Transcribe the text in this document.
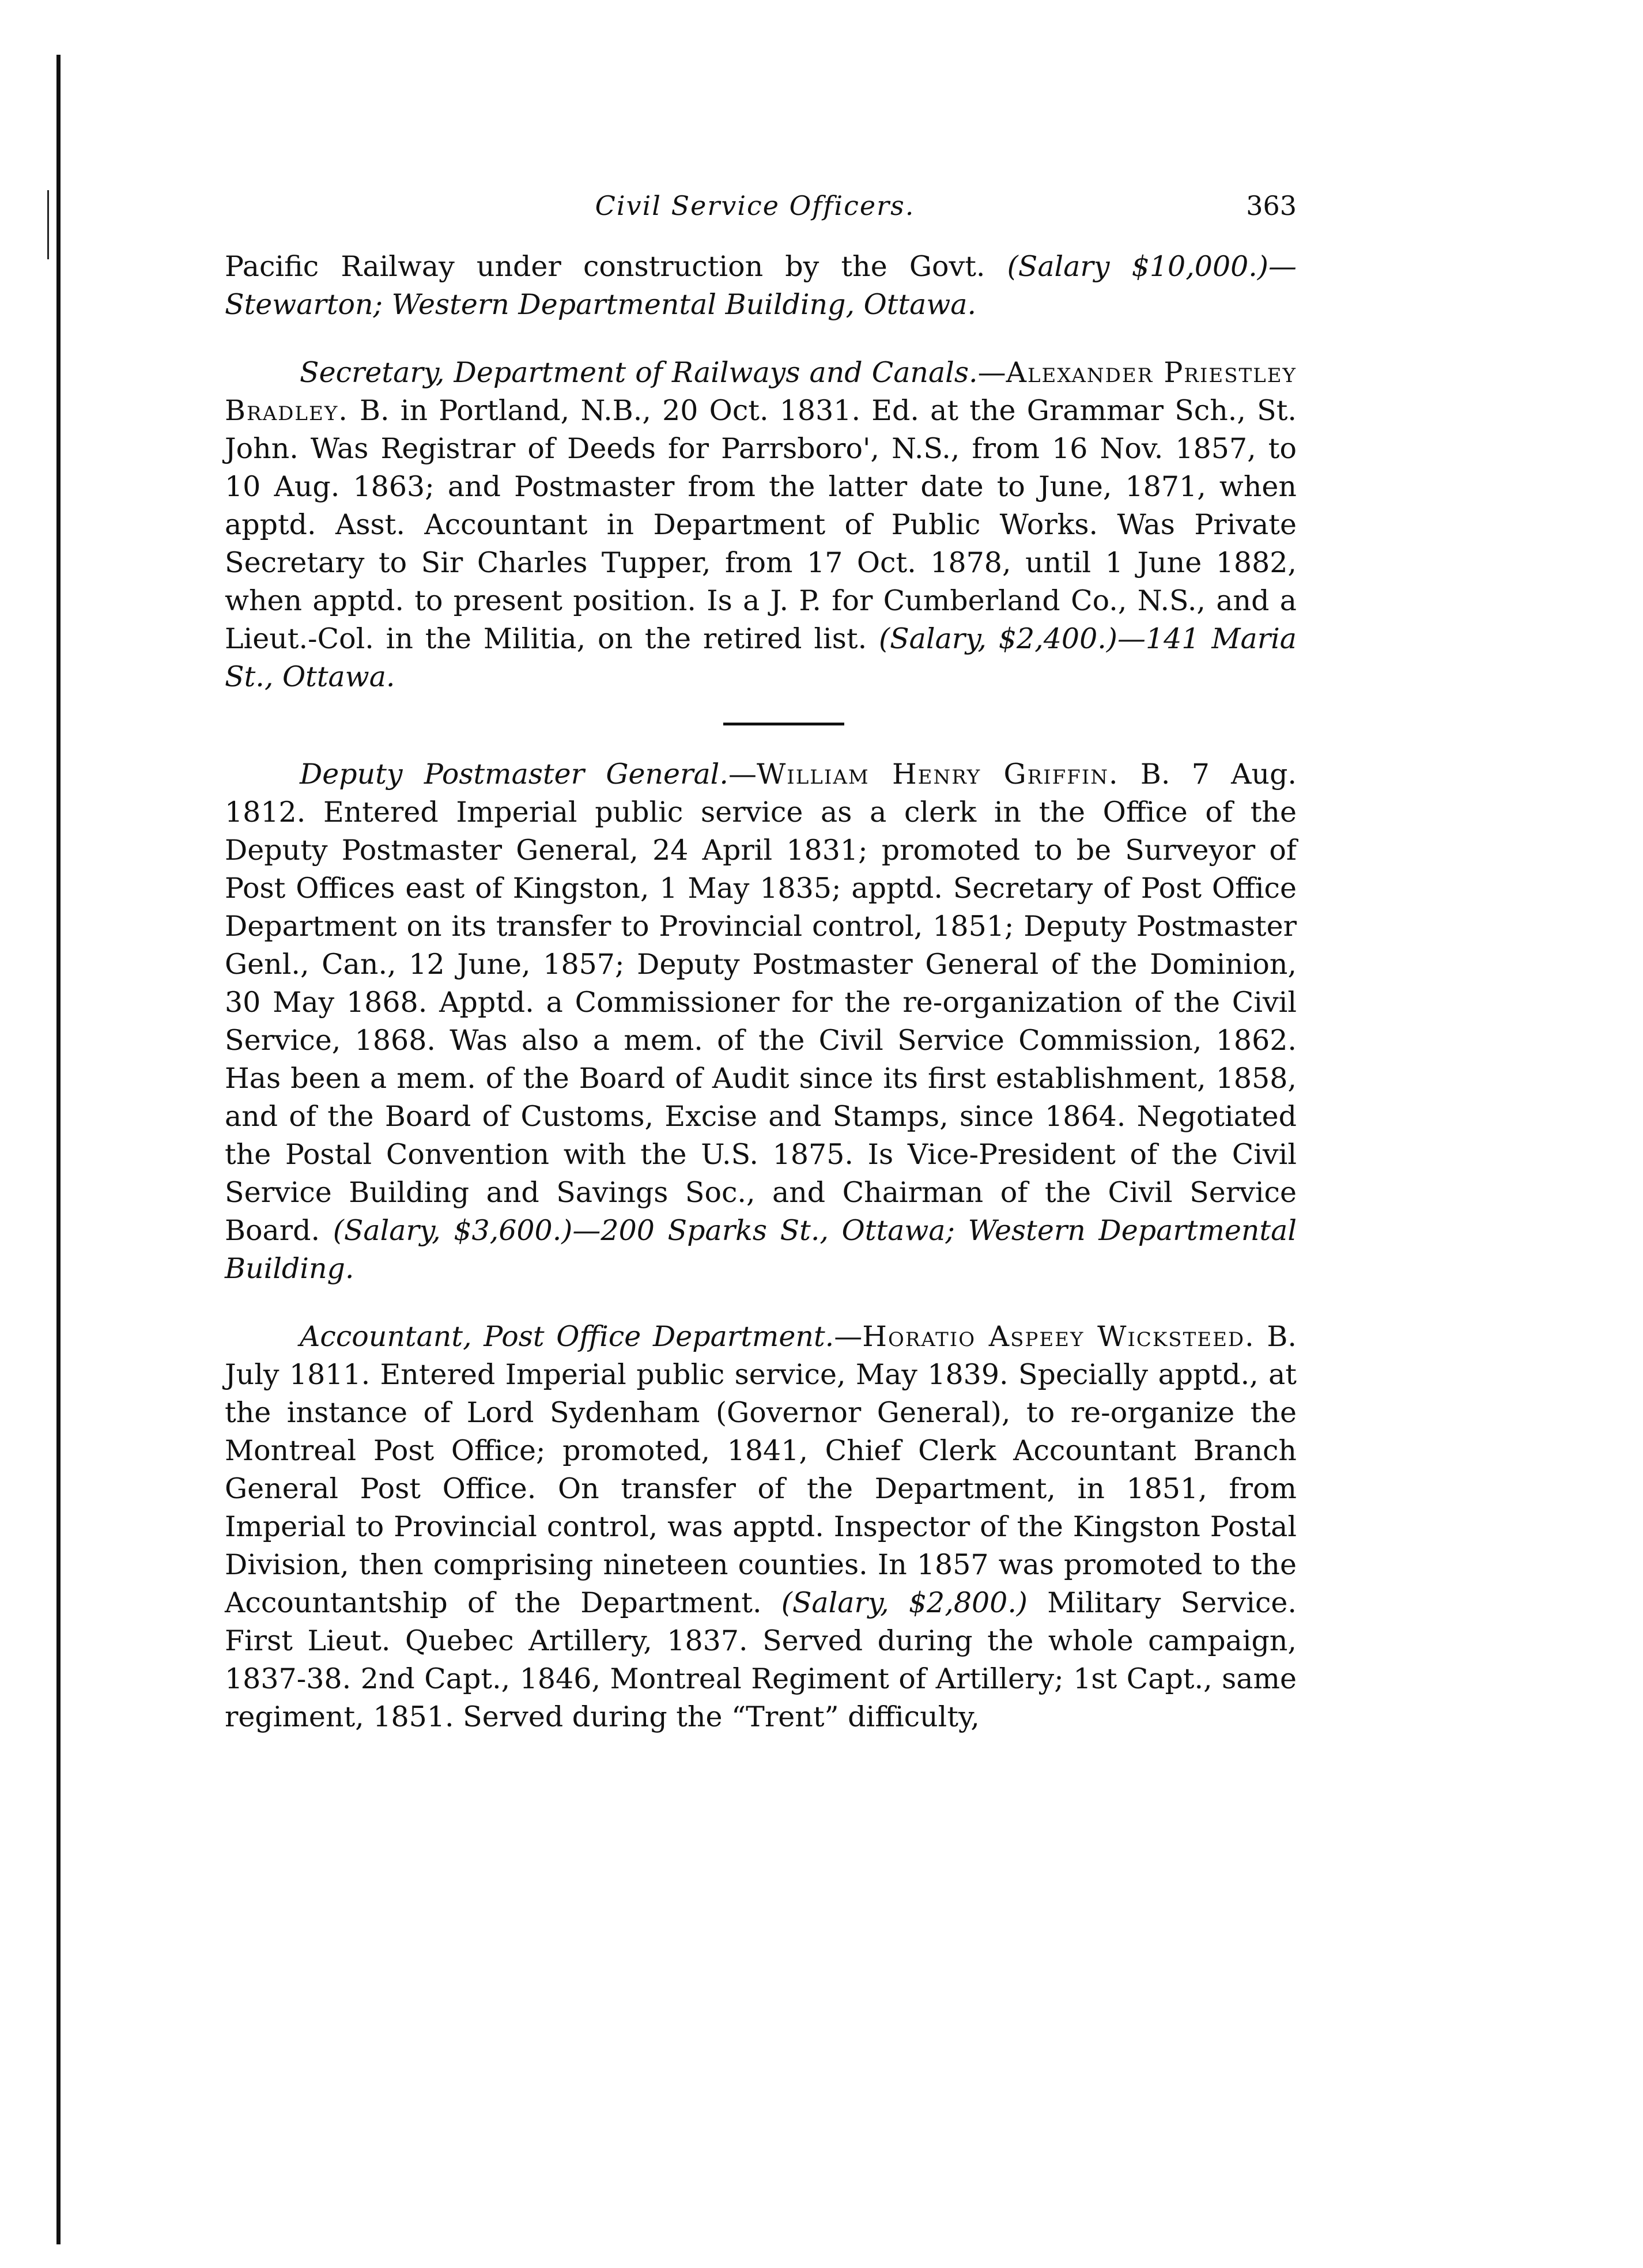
Civil Service Officers.	363

Pacific Railway under construction by the Govt. (Salary $10,000.)—Stewarton; Western Departmental Building, Ottawa.

Secretary, Department of Railways and Canals.—Alexander Priestley Bradley. B. in Portland, N.B., 20 Oct. 1831. Ed. at the Grammar Sch., St. John. Was Registrar of Deeds for Parrsboro', N.S., from 16 Nov. 1857, to 10 Aug. 1863; and Postmaster from the latter date to June, 1871, when apptd. Asst. Accountant in Department of Public Works. Was Private Secretary to Sir Charles Tupper, from 17 Oct. 1878, until 1 June 1882, when apptd. to present position. Is a J. P. for Cumberland Co., N.S., and a Lieut.-Col. in the Militia, on the retired list. (Salary, $2,400.)—141 Maria St., Ottawa.

Deputy Postmaster General.—William Henry Griffin. B. 7 Aug. 1812. Entered Imperial public service as a clerk in the Office of the Deputy Postmaster General, 24 April 1831; promoted to be Surveyor of Post Offices east of Kingston, 1 May 1835; apptd. Secretary of Post Office Department on its transfer to Provincial control, 1851; Deputy Postmaster Genl., Can., 12 June, 1857; Deputy Postmaster General of the Dominion, 30 May 1868. Apptd. a Commissioner for the re-organization of the Civil Service, 1868. Was also a mem. of the Civil Service Commission, 1862. Has been a mem. of the Board of Audit since its first establishment, 1858, and of the Board of Customs, Excise and Stamps, since 1864. Negotiated the Postal Convention with the U.S. 1875. Is Vice-President of the Civil Service Building and Savings Soc., and Chairman of the Civil Service Board. (Salary, $3,600.)—200 Sparks St., Ottawa; Western Departmental Building.

Accountant, Post Office Department.—Horatio Aspeey Wicksteed. B. July 1811. Entered Imperial public service, May 1839. Specially apptd., at the instance of Lord Sydenham (Governor General), to re-organize the Montreal Post Office; promoted, 1841, Chief Clerk Accountant Branch General Post Office. On transfer of the Department, in 1851, from Imperial to Provincial control, was apptd. Inspector of the Kingston Postal Division, then comprising nineteen counties. In 1857 was promoted to the Accountantship of the Department. (Salary, $2,800.) Military Service. First Lieut. Quebec Artillery, 1837. Served during the whole campaign, 1837-38. 2nd Capt., 1846, Montreal Regiment of Artillery; 1st Capt., same regiment, 1851. Served during the “Trent” difficulty,
